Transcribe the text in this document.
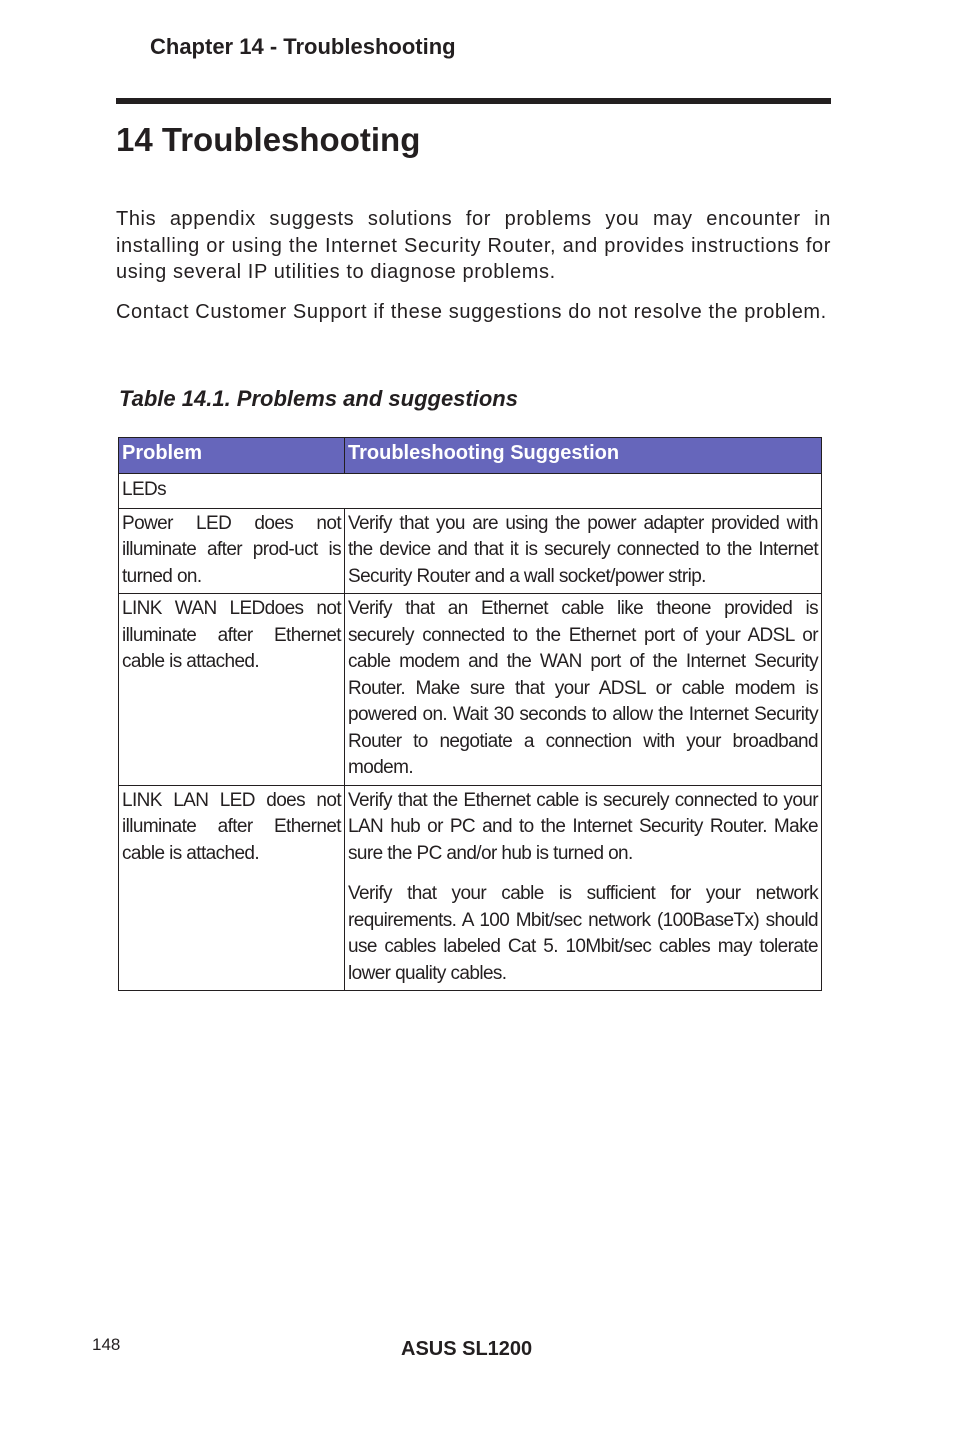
Chapter 14 - Troubleshooting
14 Troubleshooting

This appendix suggests solutions for problems you may encounter in installing or using the Internet Security Router, and provides instructions for using several IP utilities to diagnose problems.

Contact Customer Support if these suggestions do not resolve the problem.

Table 14.1. Problems and suggestions
Problem	Troubleshooting Suggestion
LEDs	

Power LED does not illuminate after prod-uct is turned on.	Verify that you are using the power adapter provided with the device and that it is securely connected to the Internet Security Router and a wall socket/power strip.

LINK WAN LEDdoes not illuminate after Ethernet cable is attached.	Verify that an Ethernet cable like theone provided is securely connected to the Ethernet port of your ADSL or cable modem and the WAN port of the Internet Security Router. Make sure that your ADSL or cable modem is powered on. Wait 30 seconds to allow the Internet Security Router to negotiate a connection with your broadband modem.

LINK LAN LED does not illuminate after Ethernet cable is attached.	Verify that the Ethernet cable is securely connected to your LAN hub or PC and to the Internet Security Router. Make sure the PC and/or hub is turned on.
Verify that your cable is sufficient for your network requirements. A 100 Mbit/sec network (100BaseTx) should use cables labeled Cat 5. 10Mbit/sec cables may tolerate lower quality cables.
148	ASUS SL1200
